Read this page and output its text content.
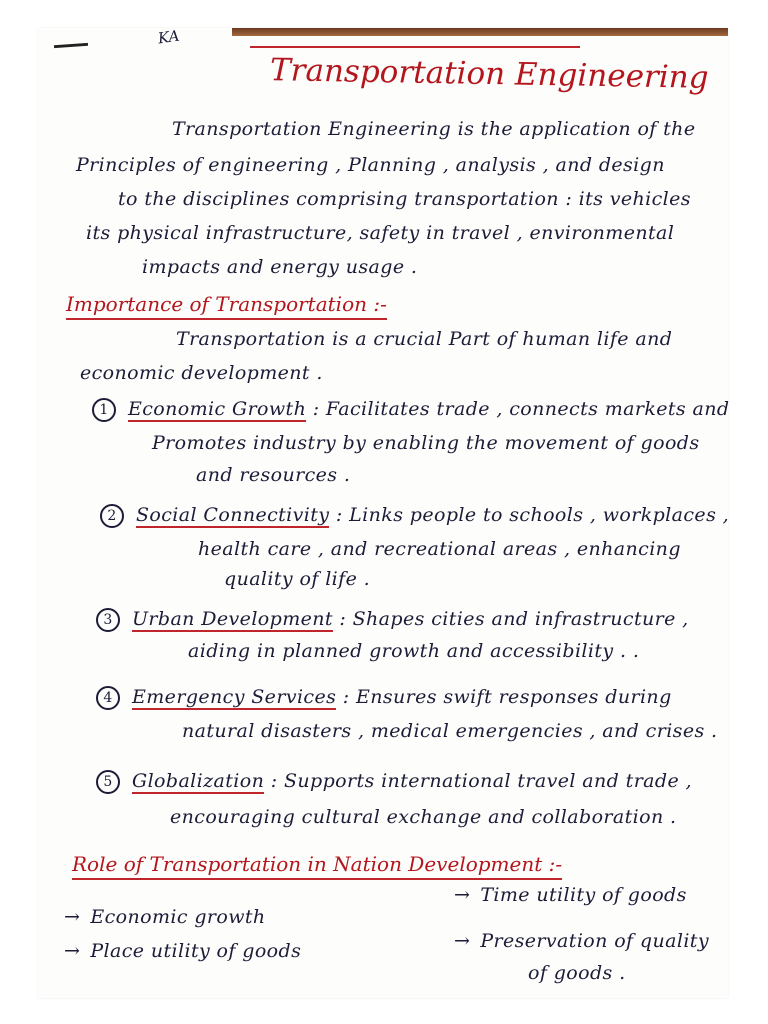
KA
Transportation Engineering
Transportation Engineering is the application of the
Principles of engineering , Planning , analysis , and design
to the disciplines comprising transportation : its vehicles
its physical infrastructure, safety in travel , environmental
impacts and energy usage .
Importance of Transportation :-
Transportation is a crucial Part of human life and
economic development .
1 Economic Growth : Facilitates trade , connects markets and
Promotes industry by enabling the movement of goods
and resources .
2 Social Connectivity : Links people to schools , workplaces ,
health care , and recreational areas , enhancing
quality of life .
3 Urban Development : Shapes cities and infrastructure ,
aiding in planned growth and accessibility . .
4 Emergency Services : Ensures swift responses during
natural disasters , medical emergencies , and crises .
5 Globalization : Supports international travel and trade ,
encouraging cultural exchange and collaboration .
Role of Transportation in Nation Development :-
→ Economic growth
→ Place utility of goods
→ Time utility of goods
→ Preservation of quality
of goods .
